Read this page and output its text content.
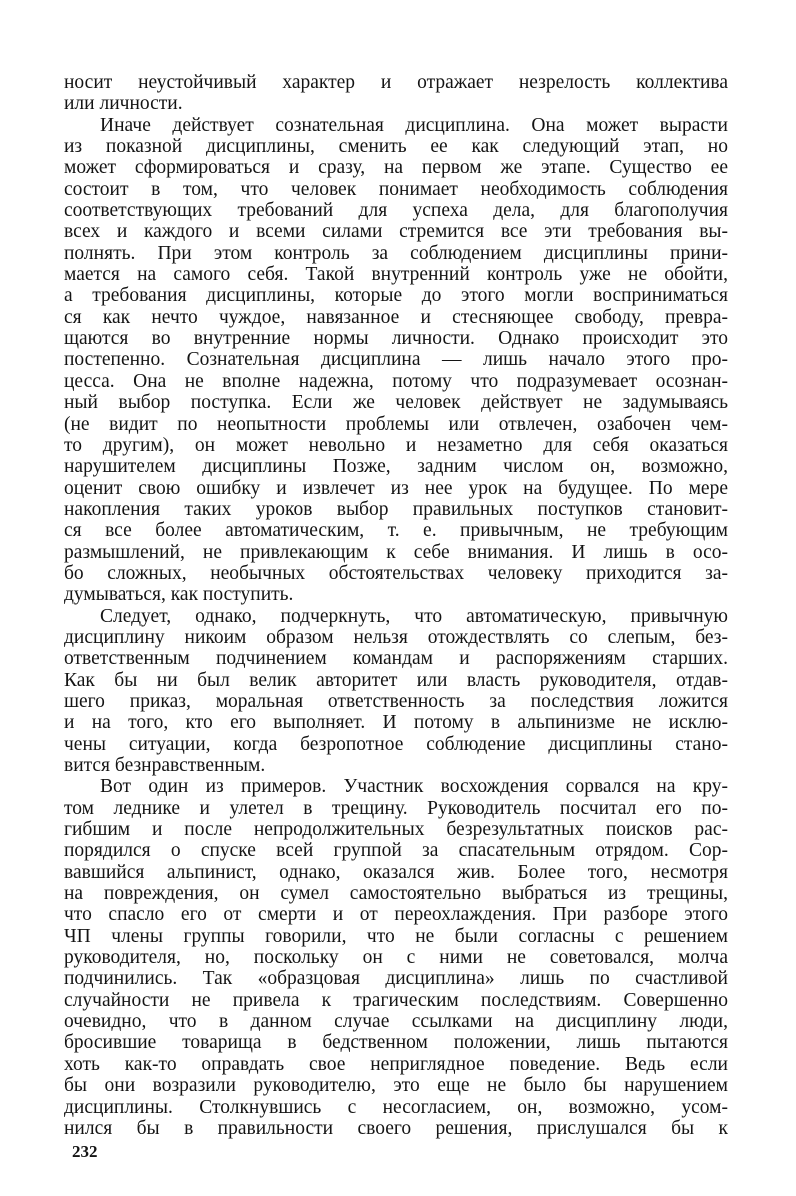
носит неустойчивый характер и отражает незрелость коллектива
или личности.
Иначе действует сознательная дисциплина. Она может вырасти
из показной дисциплины, сменить ее как следующий этап, но
может сформироваться и сразу, на первом же этапе. Существо ее
состоит в том, что человек понимает необходимость соблюдения
соответствующих требований для успеха дела, для благополучия
всех и каждого и всеми силами стремится все эти требования вы-
полнять. При этом контроль за соблюдением дисциплины прини-
мается на самого себя. Такой внутренний контроль уже не обойти,
а требования дисциплины, которые до этого могли восприниматься
ся как нечто чуждое, навязанное и стесняющее свободу, превра-
щаются во внутренние нормы личности. Однако происходит это
постепенно. Сознательная дисциплина — лишь начало этого про-
цесса. Она не вполне надежна, потому что подразумевает осознан-
ный выбор поступка. Если же человек действует не задумываясь
(не видит по неопытности проблемы или отвлечен, озабочен чем-
то другим), он может невольно и незаметно для себя оказаться
нарушителем дисциплины Позже, задним числом он, возможно,
оценит свою ошибку и извлечет из нее урок на будущее. По мере
накопления таких уроков выбор правильных поступков становит-
ся все более автоматическим, т. е. привычным, не требующим
размышлений, не привлекающим к себе внимания. И лишь в осо-
бо сложных, необычных обстоятельствах человеку приходится за-
думываться, как поступить.
Следует, однако, подчеркнуть, что автоматическую, привычную
дисциплину никоим образом нельзя отождествлять со слепым, без-
ответственным подчинением командам и распоряжениям старших.
Как бы ни был велик авторитет или власть руководителя, отдав-
шего приказ, моральная ответственность за последствия ложится
и на того, кто его выполняет. И потому в альпинизме не исклю-
чены ситуации, когда безропотное соблюдение дисциплины стано-
вится безнравственным.
Вот один из примеров. Участник восхождения сорвался на кру-
том леднике и улетел в трещину. Руководитель посчитал его по-
гибшим и после непродолжительных безрезультатных поисков рас-
порядился о спуске всей группой за спасательным отрядом. Сор-
вавшийся альпинист, однако, оказался жив. Более того, несмотря
на повреждения, он сумел самостоятельно выбраться из трещины,
что спасло его от смерти и от переохлаждения. При разборе этого
ЧП члены группы говорили, что не были согласны с решением
руководителя, но, поскольку он с ними не советовался, молча
подчинились. Так «образцовая дисциплина» лишь по счастливой
случайности не привела к трагическим последствиям. Совершенно
очевидно, что в данном случае ссылками на дисциплину люди,
бросившие товарища в бедственном положении, лишь пытаются
хоть как-то оправдать свое неприглядное поведение. Ведь если
бы они возразили руководителю, это еще не было бы нарушением
дисциплины. Столкнувшись с несогласием, он, возможно, усом-
нился бы в правильности своего решения, прислушался бы к
232
